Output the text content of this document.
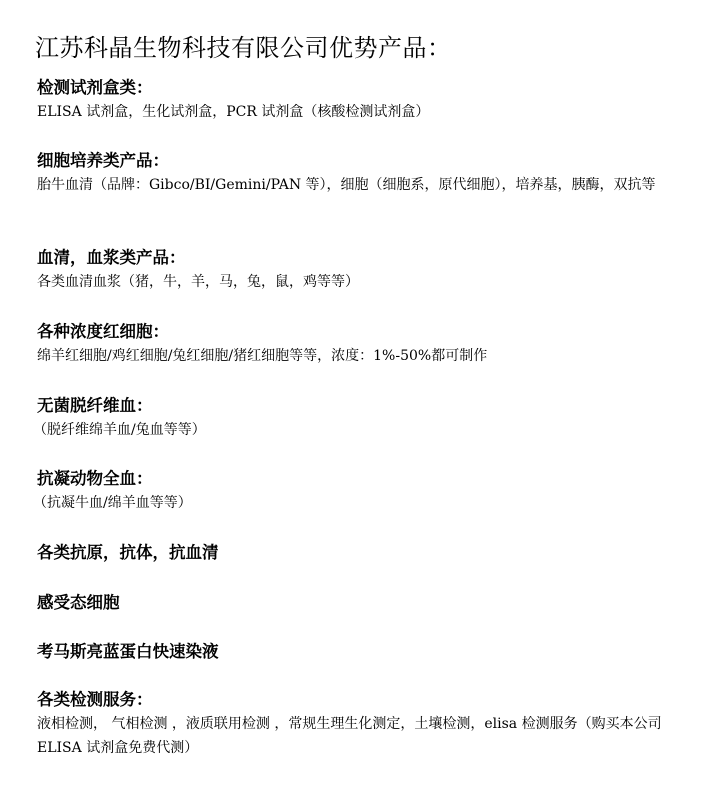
江苏科晶生物科技有限公司优势产品：
检测试剂盒类：
ELISA 试剂盒，生化试剂盒，PCR 试剂盒（核酸检测试剂盒）
细胞培养类产品：
胎牛血清（品牌：Gibco/BI/Gemini/PAN 等），细胞（细胞系，原代细胞），培养基，胰酶，双抗等
血清，血浆类产品：
各类血清血浆（猪，牛，羊，马，兔，鼠，鸡等等）
各种浓度红细胞：
绵羊红细胞/鸡红细胞/兔红细胞/猪红细胞等等，浓度：1%-50%都可制作
无菌脱纤维血：
（脱纤维绵羊血/兔血等等）
抗凝动物全血：
（抗凝牛血/绵羊血等等）
各类抗原，抗体，抗血清
感受态细胞
考马斯亮蓝蛋白快速染液
各类检测服务：
液相检测， 气相检测 ，液质联用检测 ，常规生理生化测定，土壤检测，elisa 检测服务（购买本公司 ELISA 试剂盒免费代测）
